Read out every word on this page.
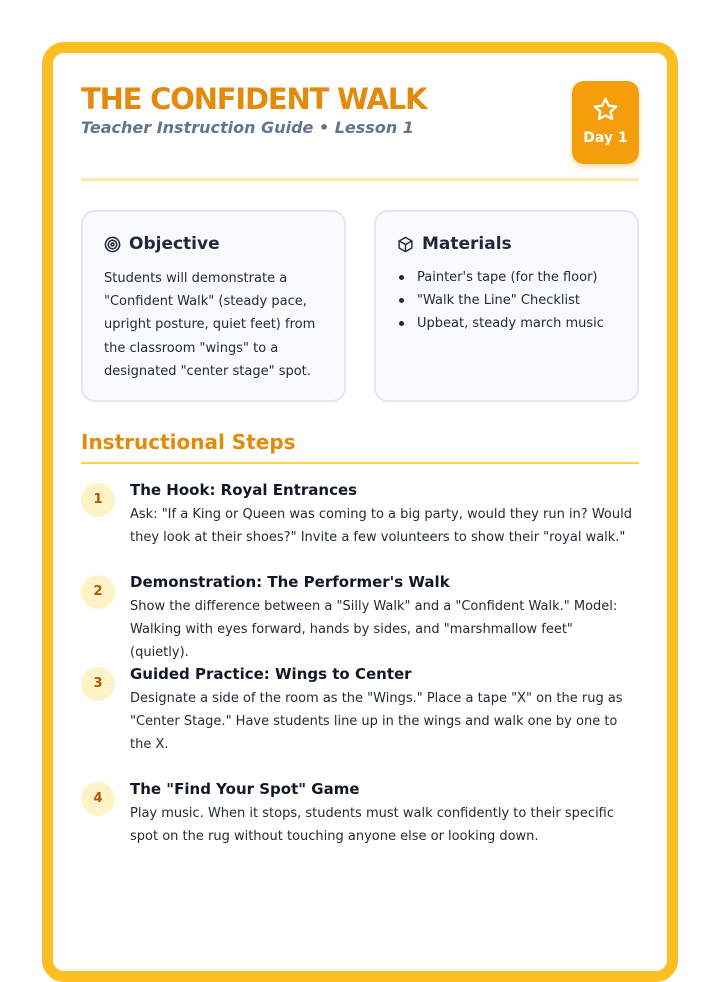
THE CONFIDENT WALK
Teacher Instruction Guide • Lesson 1
Day 1
Objective
Students will demonstrate a "Confident Walk" (steady pace, upright posture, quiet feet) from the classroom "wings" to a designated "center stage" spot.
Materials
Painter's tape (for the floor)
"Walk the Line" Checklist
Upbeat, steady march music
Instructional Steps
1
The Hook: Royal Entrances
Ask: "If a King or Queen was coming to a big party, would they run in? Would they look at their shoes?" Invite a few volunteers to show their "royal walk."
2
Demonstration: The Performer's Walk
Show the difference between a "Silly Walk" and a "Confident Walk." Model: Walking with eyes forward, hands by sides, and "marshmallow feet" (quietly).
3
Guided Practice: Wings to Center
Designate a side of the room as the "Wings." Place a tape "X" on the rug as "Center Stage." Have students line up in the wings and walk one by one to the X.
4
The "Find Your Spot" Game
Play music. When it stops, students must walk confidently to their specific spot on the rug without touching anyone else or looking down.
